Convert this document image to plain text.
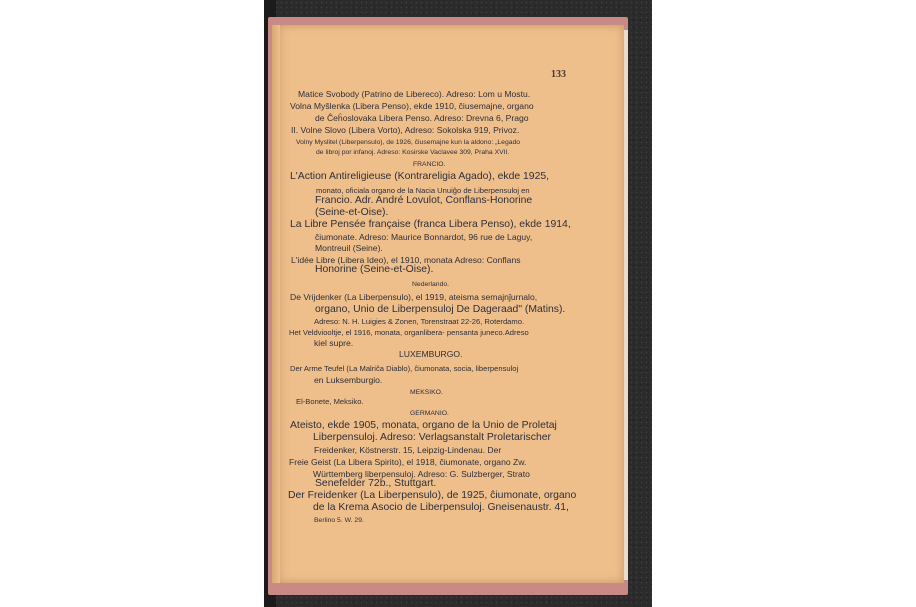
133
Matice Svobody (Patrino de Libereco). Adreso: Lom u Mostu.
Volna Myšlenka (Libera Penso), ekde 1910, ĉiusemajne, organo
de Ĉeĥoslovaka Libera Penso. Adreso: Drevna 6, Prago
II. Volne Slovo (Libera Vorto), Adreso: Sokolska 919, Privoz.
Volny Myslitel (Liberpensulo), de 1926, ĉiusemajne kun la aldono: „Legado
de libroj por infanoj. Adreso: Kosirske Vaclavee 309, Praha XVII.
FRANCIO.
L'Action Antireligieuse (Kontrareligia Agado), ekde 1925,
monato, oficiala organo de la Nacia Unuiĝo de Liberpensuloj en
Francio. Adr. André Lovulot, Conflans-Honorine
(Seine-et-Oise).
La Libre Pensée française (franca Libera Penso), ekde 1914,
ĉiumonate. Adreso: Maurice Bonnardot, 96 rue de Laguy,
Montreuil (Seine).
L'idée Libre (Libera Ideo), el 1910, monata Adreso: Conflans
Honorine (Seine-et-Oise).
Nederlando.
De Vrijdenker (La Liberpensulo), el 1919, ateisma semajnĵurnalo,
organo, Unio de Liberpensuloj De Dageraad" (Matins).
Adreso: N. H. Luigies & Zonen, Torenstraat 22-26, Roterdamo.
Het Veldviooltje, el 1916, monata, organlibera- pensanta juneco.Adreso
kiel supre.
LUXEMBURGO.
Der Arme Teufel (La Malriĉa Diablo), ĉiumonata, socia, liberpensuloj
en Luksemburgio.
MEKSIKO.
El-Bonete, Meksiko.
GERMANIO.
Ateisto, ekde 1905, monata, organo de la Unio de Proletaj
Liberpensuloj. Adreso: Verlagsanstalt Proletarischer
Freidenker, Köstnerstr. 15, Leipzig-Lindenau. Der
Freie Geist (La Libera Spirito), el 1918, ĉiumonate, organo Zw.
Württemberg liberpensuloj. Adreso: G. Sulzberger, Strato
Senefelder 72b., Stuttgart.
Der Freidenker (La Liberpensulo), de 1925, ĉiumonate, organo
de la Krema Asocio de Liberpensuloj. Gneisenaustr. 41,
Berlino 5. W. 29.
